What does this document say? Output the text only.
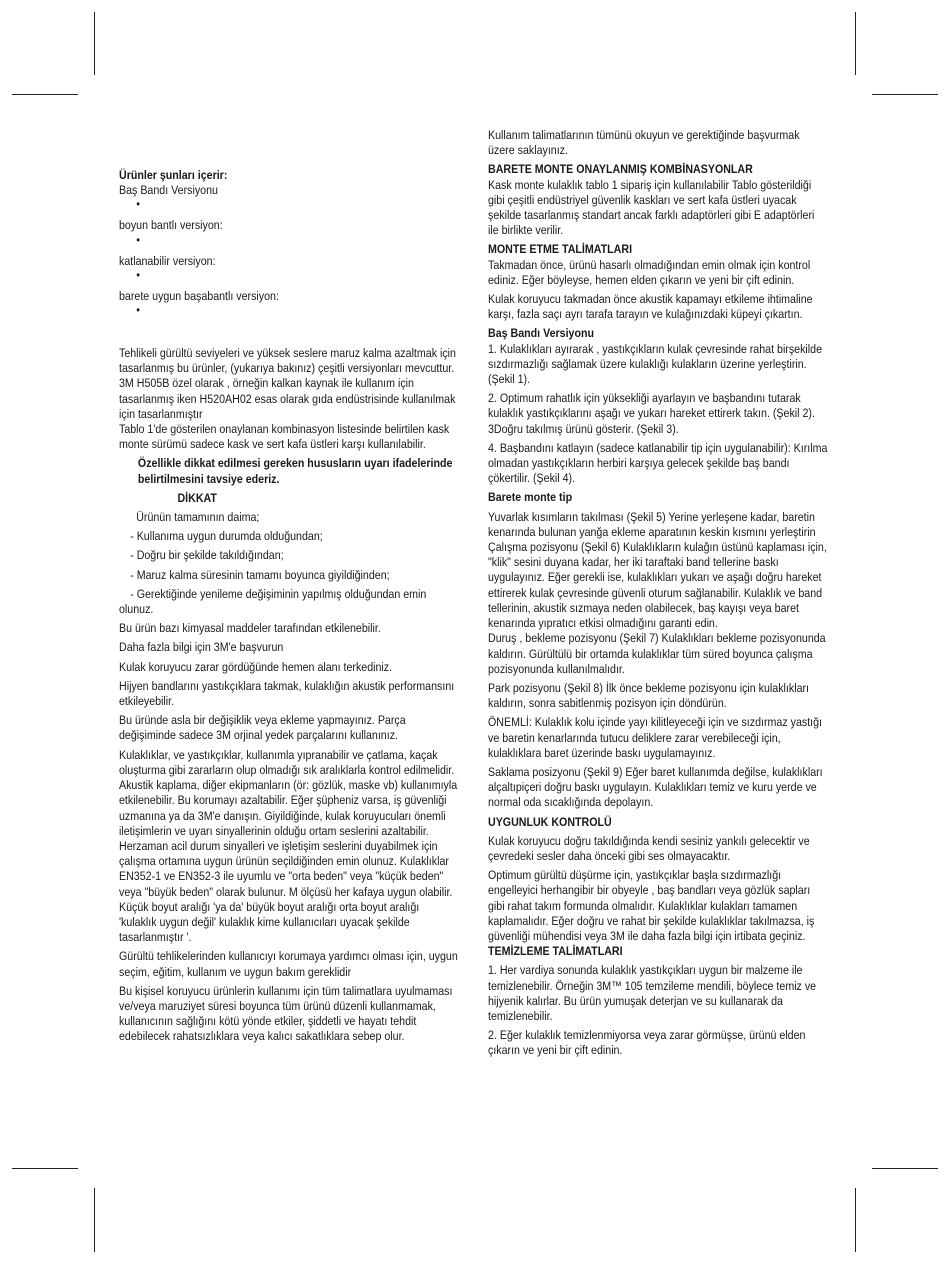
Ürünler şunları içerir:
Baş Bandı Versiyonu
•
boyun bantlı versiyon:
•
katlanabilir versiyon:
•
barete uygun başabantlı versiyon:
•
Tehlikeli gürültü seviyeleri ve yüksek seslere maruz kalma azaltmak için tasarlanmış bu ürünler, (yukarıya bakınız) çeşitli versiyonları mevcuttur.
3M H505B özel olarak , örneğin kalkan kaynak ile kullanım için tasarlanmış iken H520AH02 esas olarak gıda endüstrisinde kullanılmak için tasarlanmıştır
Tablo 1'de gösterilen onaylanan kombinasyon listesinde belirtilen kask monte sürümü sadece kask ve sert kafa üstleri karşı kullanılabilir.
Özellikle dikkat edilmesi gereken hususların uyarı ifadelerinde belirtilmesini tavsiye ederiz.
DİKKAT
Ürünün tamamının daima;
- Kullanıma uygun durumda olduğundan;
- Doğru bir şekilde takıldığından;
- Maruz kalma süresinin tamamı boyunca giyildiğinden;
- Gerektiğinde yenileme değişiminin yapılmış olduğundan emin olunuz.
Bu ürün bazı kimyasal maddeler tarafından etkilenebilir.
Daha fazla bilgi için 3M'e başvurun
Kulak koruyucu zarar gördüğünde hemen alanı terkediniz.
Hijyen bandlarını yastıkçıklara takmak, kulaklığın akustik performansını etkileyebilir.
Bu üründe asla bir değişiklik veya ekleme yapmayınız. Parça değişiminde sadece 3M orjinal yedek parçalarını kullanınız.
Kulaklıklar, ve yastıkçıklar, kullanımla yıpranabilir ve çatlama, kaçak oluşturma gibi zararların olup olmadığı sık aralıklarla kontrol edilmelidir. Akustik kaplama, diğer ekipmanların (ör: gözlük, maske vb) kullanımıyla etkilenebilir. Bu korumayı azaltabilir. Eğer şüpheniz varsa, iş güvenliği uzmanına ya da 3M'e danışın. Giyildiğinde, kulak koruyucuları önemli iletişimlerin ve uyarı sinyallerinin olduğu ortam seslerini azaltabilir. Herzaman acil durum sinyalleri ve işletişim seslerini duyabilmek için çalışma ortamına uygun ürünün seçildiğinden emin olunuz. Kulaklıklar EN352-1 ve EN352-3 ile uyumlu ve "orta beden" veya "küçük beden" veya "büyük beden" olarak bulunur. M ölçüsü her kafaya uygun olabilir. Küçük boyut aralığı 'ya da' büyük boyut aralığı orta boyut aralığı 'kulaklık uygun değil' kulaklık kime kullanıcıları uyacak şekilde tasarlanmıştır '.
Gürültü tehlikelerinden kullanıcıyı korumaya yardımcı olması için, uygun seçim, eğitim, kullanım ve uygun bakım gereklidir
Bu kişisel koruyucu ürünlerin kullanımı için tüm talimatlara uyulmaması ve/veya maruziyet süresi boyunca tüm ürünü düzenli kullanmamak, kullanıcının sağlığını kötü yönde etkiler, şiddetli ve hayatı tehdit edebilecek rahatsızlıklara veya kalıcı sakatlıklara sebep olur.
Kullanım talimatlarının tümünü okuyun ve gerektiğinde başvurmak üzere saklayınız.
BARETE MONTE ONAYLANMIŞ KOMBİNASYONLAR
Kask monte kulaklık tablo 1 sipariş için kullanılabilir Tablo gösterildiği gibi çeşitli endüstriyel güvenlik kaskları ve sert kafa üstleri uyacak şekilde tasarlanmış standart ancak farklı adaptörleri gibi E adaptörleri ile birlikte verilir.
MONTE ETME TALİMATLARI
Takmadan önce, ürünü hasarlı olmadığından emin olmak için kontrol ediniz. Eğer böyleyse, hemen elden çıkarın ve yeni bir çift edinin.
Kulak koruyucu takmadan önce akustik kapamayı etkileme ihtimaline karşı, fazla saçı ayrı tarafa tarayın ve kulağınızdaki küpeyi çıkartın.
Baş Bandı Versiyonu
1. Kulaklıkları ayırarak , yastıkçıkların kulak çevresinde rahat birşekilde sızdırmazlığı sağlamak üzere kulaklığı kulakların üzerine yerleştirin. (Şekil 1).
2. Optimum rahatlık için yüksekliği ayarlayın ve başbandını tutarak kulaklık yastıkçıklarını aşağı ve yukarı hareket ettirerk takın. (Şekil 2).
3Doğru takılmış ürünü gösterir. (Şekil 3).
4. Başbandını katlayın (sadece katlanabilir tip için uygulanabilir): Kırılma olmadan yastıkçıkların herbiri karşıya gelecek şekilde baş bandı çökertilir. (Şekil 4).
Barete monte tip
Yuvarlak kısımların takılması (Şekil 5) Yerine yerleşene kadar, baretin kenarında bulunan yanğa ekleme aparatının keskin kısmını yerleştirin
Çalışma pozisyonu (Şekil 6) Kulaklıkların kulağın üstünü kaplaması için, "klik" sesini duyana kadar, her iki taraftaki band tellerine baskı uygulayınız. Eğer gerekli ise, kulaklıkları yukarı ve aşağı doğru hareket ettirerek kulak çevresinde güvenli oturum sağlanabilir. Kulaklık ve band tellerinin, akustik sızmaya neden olabilecek, baş kayışı veya baret kenarında yıpratıcı etkisi olmadığını garanti edin.
Duruş , bekleme pozisyonu (Şekil 7) Kulaklıkları bekleme pozisyonunda kaldırın. Gürültülü bir ortamda kulaklıklar tüm süred boyunca çalışma pozisyonunda kullanılmalıdır.
Park pozisyonu (Şekil 8) İlk önce bekleme pozisyonu için kulaklıkları kaldırın, sonra sabitlenmiş pozisyon için döndürün.
ÖNEMLİ: Kulaklık kolu içinde yayı kilitleyeceği için ve sızdırmaz yastığı ve baretin kenarlarında tutucu deliklere zarar verebileceği için, kulaklıklara baret üzerinde baskı uygulamayınız.
Saklama posizyonu (Şekil 9) Eğer baret kullanımda değilse, kulaklıkları alçaltıpiçeri doğru baskı uygulayın. Kulaklıkları temiz ve kuru yerde ve normal oda sıcaklığında depolayın.
UYGUNLUK KONTROLÜ
Kulak koruyucu doğru takıldığında kendi sesiniz yankılı gelecektir ve çevredeki sesler daha önceki gibi ses olmayacaktır.
Optimum gürültü düşürme için, yastıkçıklar başla sızdırmazlığı engelleyici herhangibir bir obyeyle , baş bandları veya gözlük sapları gibi rahat takım formunda olmalıdır. Kulaklıklar kulakları tamamen kaplamalıdır. Eğer doğru ve rahat bir şekilde kulaklıklar takılmazsa, iş güvenliği mühendisi veya 3M ile daha fazla bilgi için irtibata geçiniz.
TEMİZLEME TALİMATLARI
1. Her vardiya sonunda kulaklık yastıkçıkları uygun bir malzeme ile temizlenebilir. Örneğin 3M™ 105 temzileme mendili, böylece temiz ve hijyenik kalırlar. Bu ürün yumuşak deterjan ve su kullanarak da temizlenebilir.
2. Eğer kulaklık temizlenmiyorsa veya zarar görmüşse, ürünü elden çıkarın ve yeni bir çift edinin.
